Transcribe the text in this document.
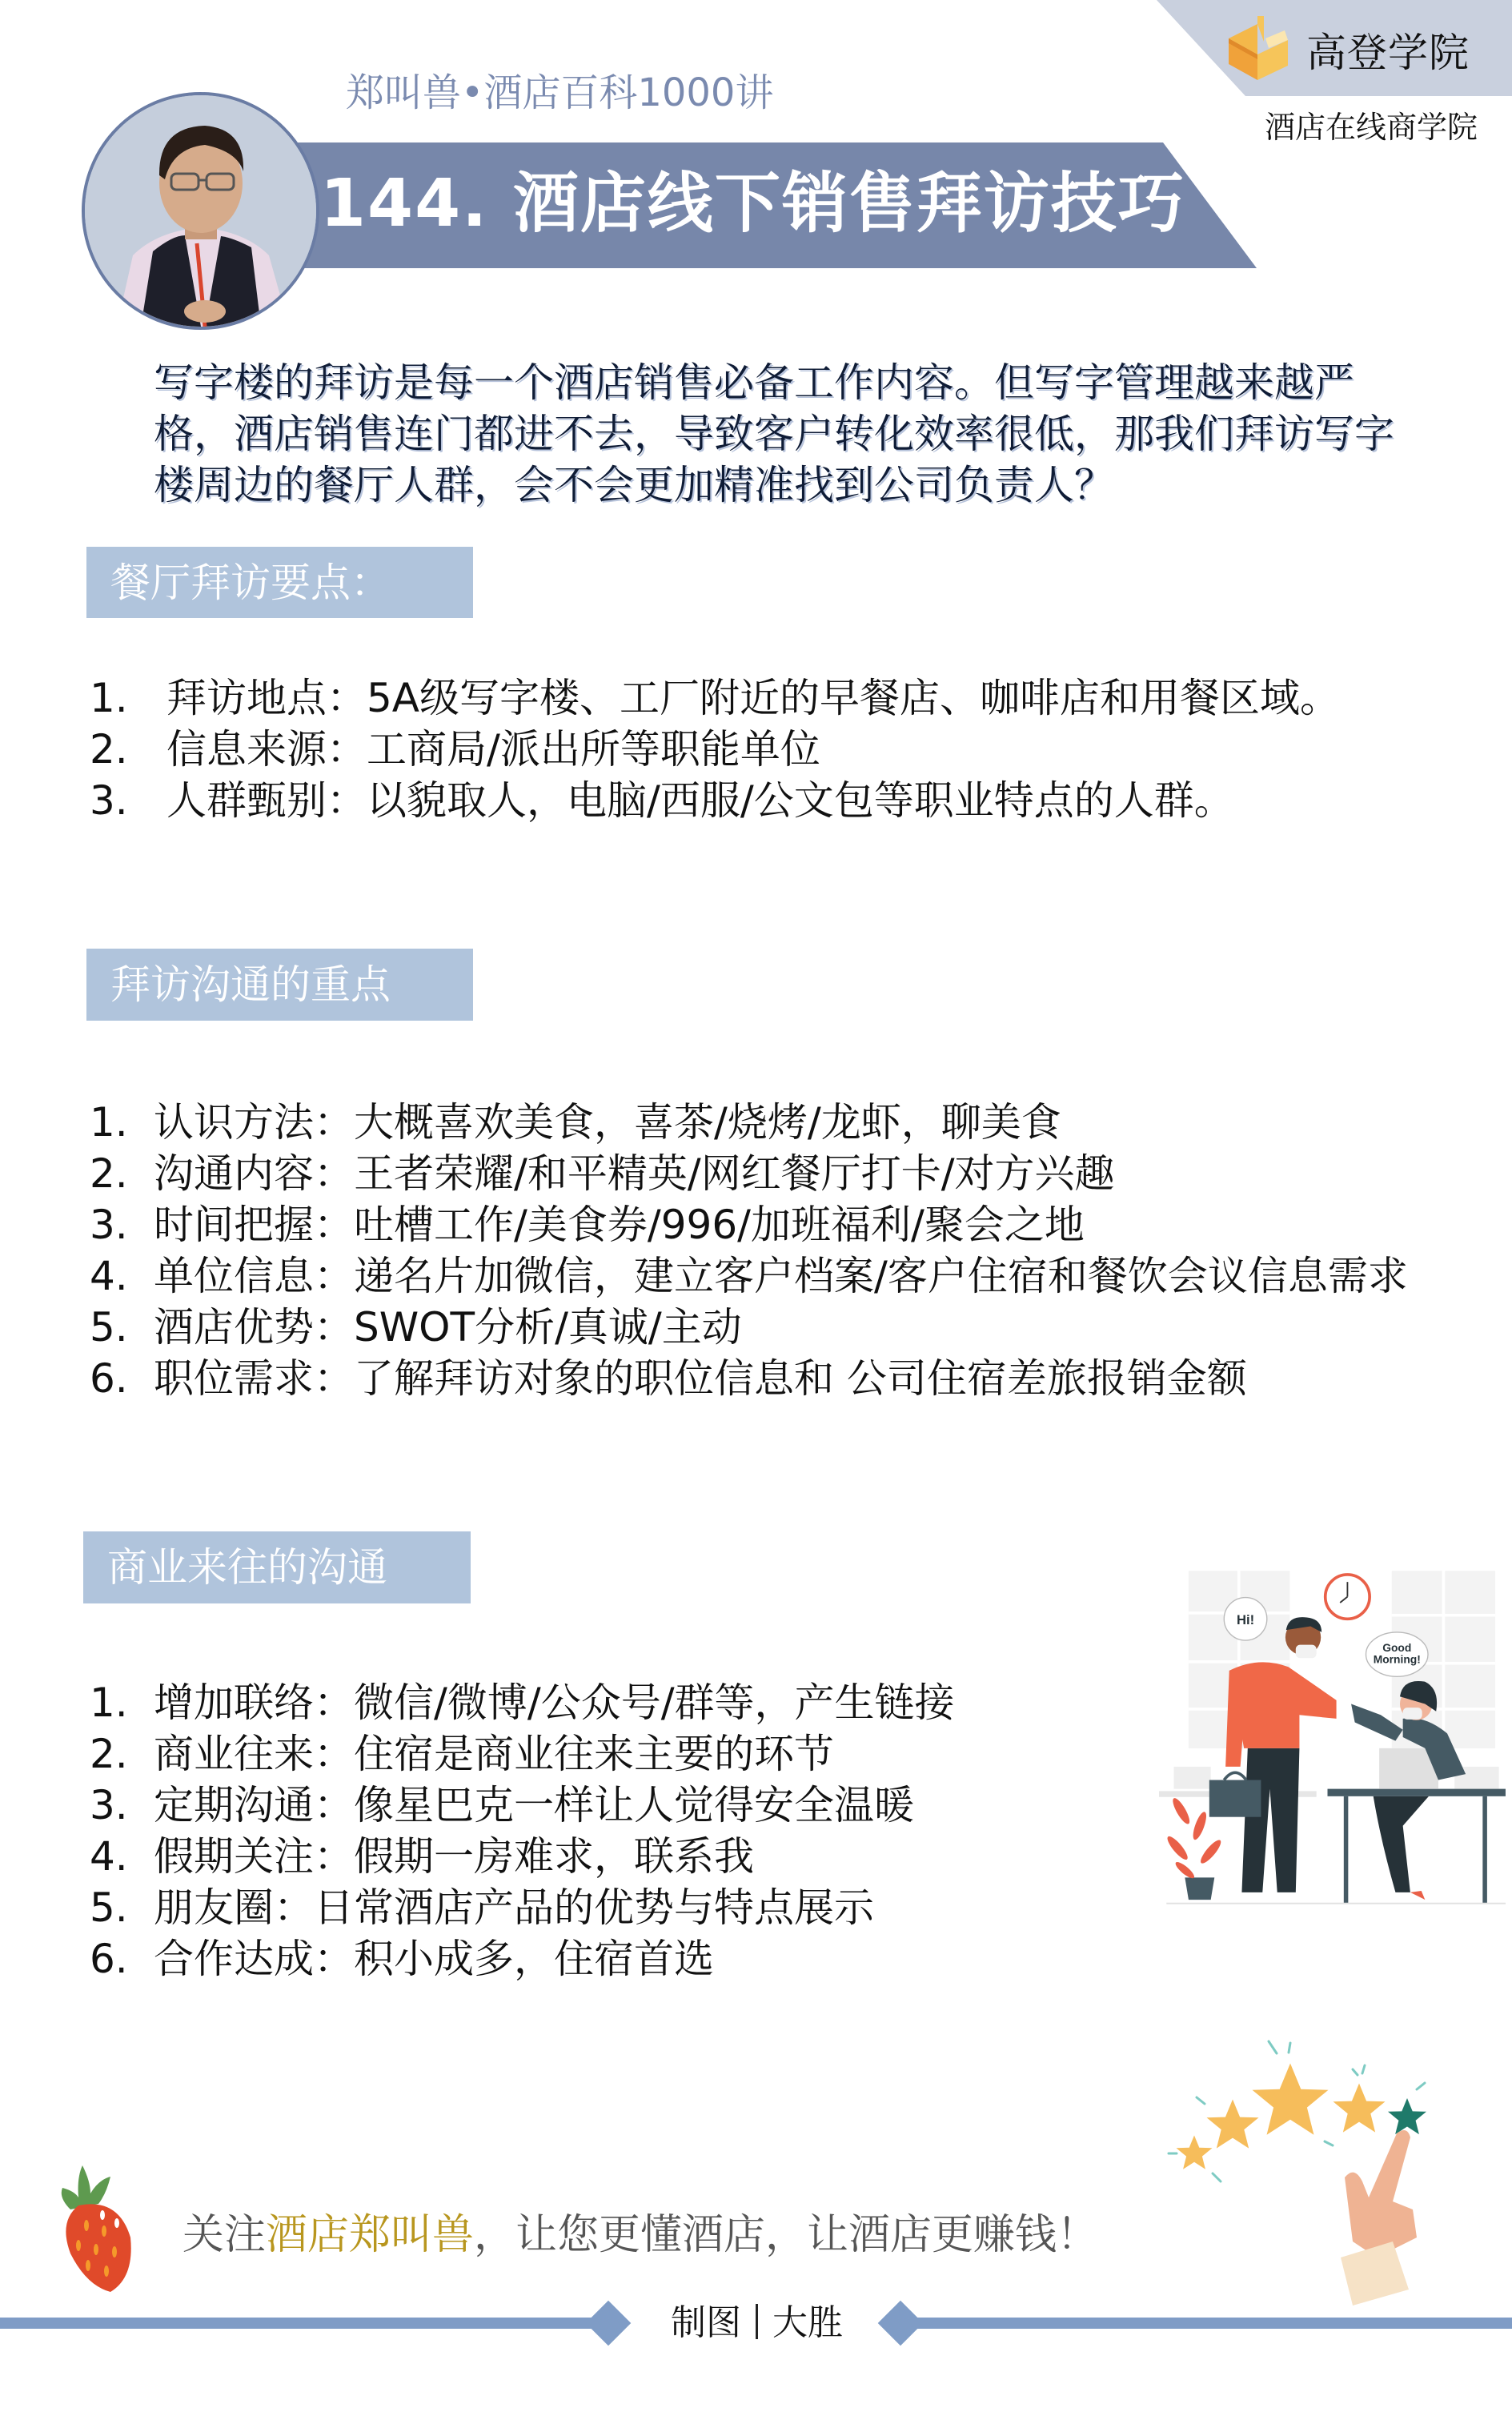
高登学院
酒店在线商学院
郑叫兽•酒店百科1000讲
144. 酒店线下销售拜访技巧
写字楼的拜访是每一个酒店销售必备工作内容。但写字管理越来越严格，酒店销售连门都进不去，导致客户转化效率很低，那我们拜访写字楼周边的餐厅人群，会不会更加精准找到公司负责人？
餐厅拜访要点：
1. 拜访地点：5A级写字楼、工厂附近的早餐店、咖啡店和用餐区域。
2. 信息来源：工商局/派出所等职能单位
3. 人群甄别：以貌取人，电脑/西服/公文包等职业特点的人群。
拜访沟通的重点
1. 认识方法：大概喜欢美食，喜茶/烧烤/龙虾，聊美食
2. 沟通内容：王者荣耀/和平精英/网红餐厅打卡/对方兴趣
3. 时间把握：吐槽工作/美食券/996/加班福利/聚会之地
4. 单位信息：递名片加微信，建立客户档案/客户住宿和餐饮会议信息需求
5. 酒店优势：SWOT分析/真诚/主动
6. 职位需求：了解拜访对象的职位信息和 公司住宿差旅报销金额
商业来往的沟通
1. 增加联络：微信/微博/公众号/群等，产生链接
2. 商业往来：住宿是商业往来主要的环节
3. 定期沟通：像星巴克一样让人觉得安全温暖
4. 假期关注：假期一房难求，联系我
5. 朋友圈：日常酒店产品的优势与特点展示
6. 合作达成：积小成多，住宿首选
Hi!
Good
Morning!
关注酒店郑叫兽，让您更懂酒店，让酒店更赚钱！
制图 大胜
